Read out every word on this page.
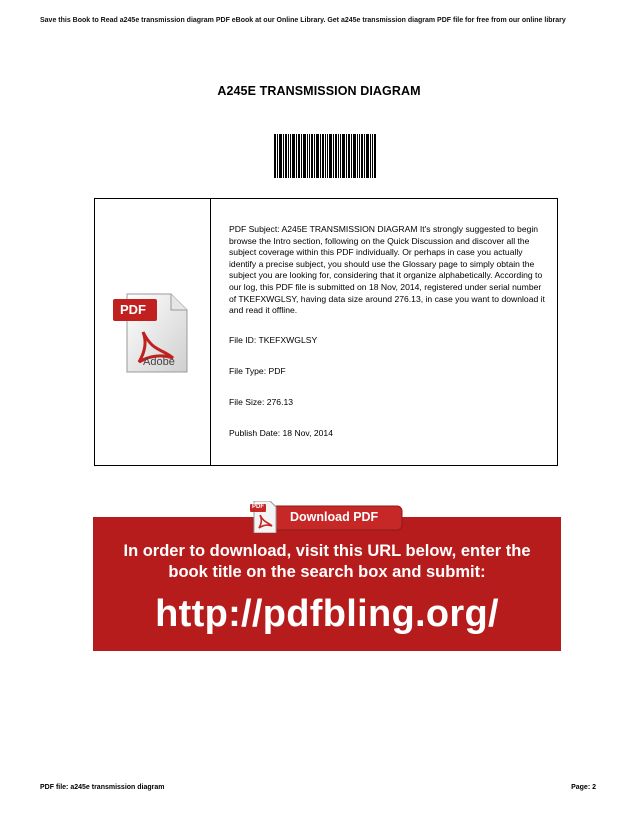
Save this Book to Read a245e transmission diagram PDF eBook at our Online Library. Get a245e transmission diagram PDF file for free from our online library
A245E TRANSMISSION DIAGRAM
PDF
Adobe

PDF Subject: A245E TRANSMISSION DIAGRAM It's strongly suggested to begin browse the Intro section, following on the Quick Discussion and discover all the subject coverage within this PDF individually. Or perhaps in case you actually identify a precise subject, you should use the Glossary page to simply obtain the subject you are looking for, considering that it organize alphabetically. According to our log, this PDF file is submitted on 18 Nov, 2014, registered under serial number of TKEFXWGLSY, having data size around 276.13, in case you want to download it and read it offline.

File ID: TKEFXWGLSY
File Type: PDF
File Size: 276.13
Publish Date: 18 Nov, 2014
In order to download, visit this URL below, enter the
book title on the search box and submit:
http://pdfbling.org/
PDF
Download PDF
PDF file: a245e transmission diagram	Page: 2
